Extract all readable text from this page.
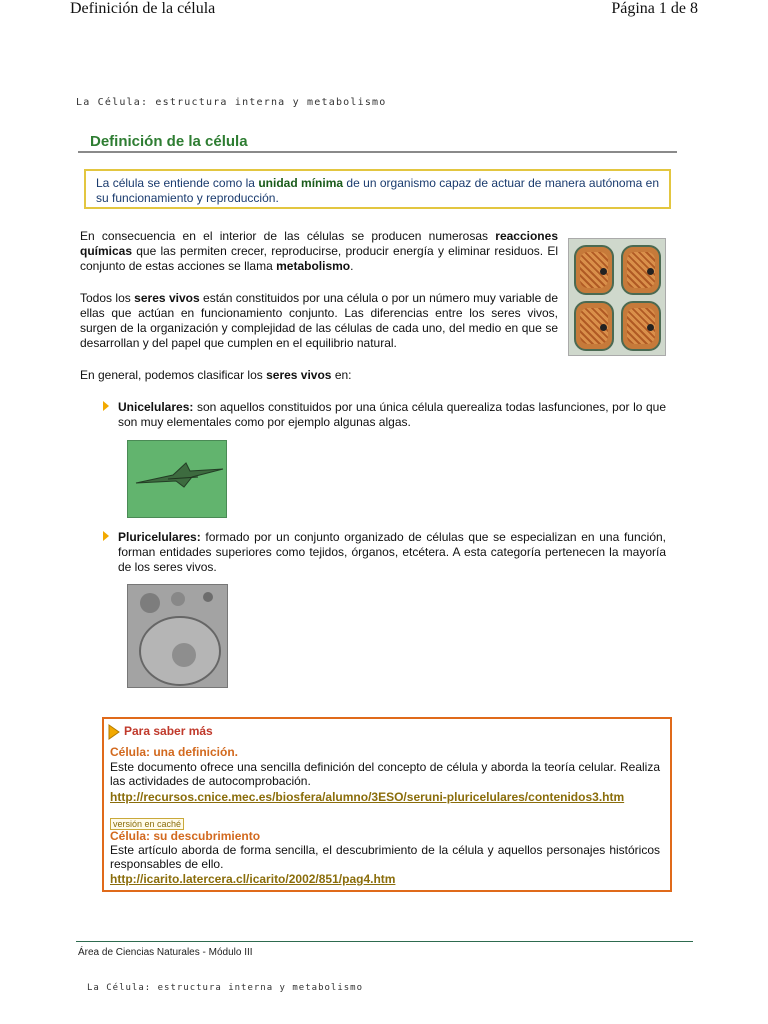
Definición de la célula	Página 1 de 8
La Célula: estructura interna y metabolismo
Definición de la célula
La célula se entiende como la unidad mínima de un organismo capaz de actuar de manera autónoma en su funcionamiento y reproducción.
En consecuencia en el interior de las células se producen numerosas reacciones químicas que las permiten crecer, reproducirse, producir energía y eliminar residuos. El conjunto de estas acciones se llama metabolismo.
Todos los seres vivos están constituidos por una célula o por un número muy variable de ellas que actúan en funcionamiento conjunto. Las diferencias entre los seres vivos, surgen de la organización y complejidad de las células de cada uno, del medio en que se desarrollan y del papel que cumplen en el equilibrio natural.
En general, podemos clasificar los seres vivos en:
Unicelulares: son aquellos constituidos por una única célula querealiza todas lasfunciones, por lo que son muy elementales como por ejemplo algunas algas.
Pluricelulares: formado por un conjunto organizado de células que se especializan en una función, forman entidades superiores como tejidos, órganos, etcétera. A esta categoría pertenecen la mayoría de los seres vivos.
Para saber más
Célula: una definición.
Este documento ofrece una sencilla definición del concepto de célula y aborda la teoría celular. Realiza las actividades de autocomprobación.
http://recursos.cnice.mec.es/biosfera/alumno/3ESO/seruni-pluricelulares/contenidos3.htm
versión en caché
Célula: su descubrimiento
Este artículo aborda de forma sencilla, el descubrimiento de la célula y aquellos personajes históricos responsables de ello.
http://icarito.latercera.cl/icarito/2002/851/pag4.htm
Área de Ciencias Naturales - Módulo III
La Célula: estructura interna y metabolismo
